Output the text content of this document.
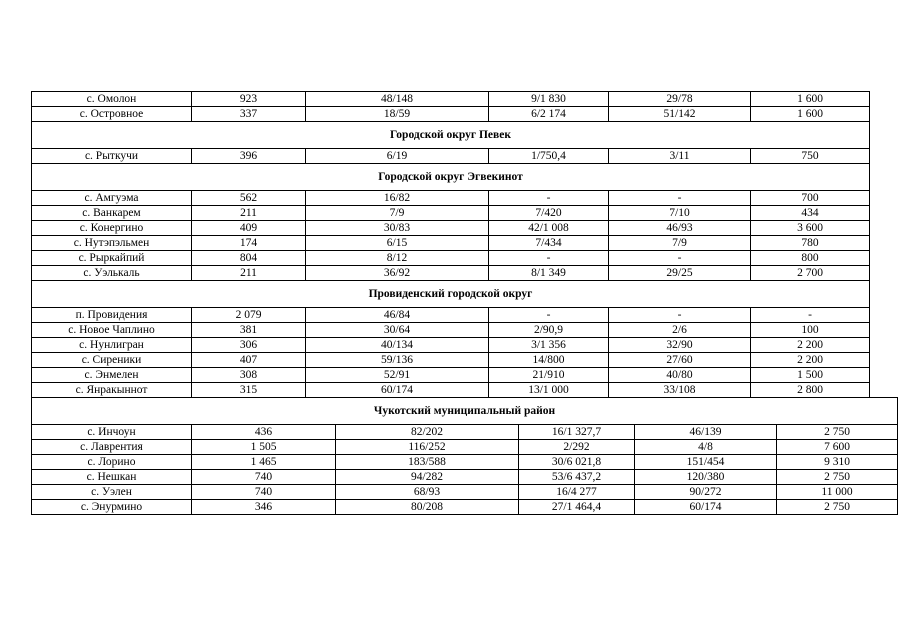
с. Омолон	923	48/148	9/1 830	29/78	1 600
с. Островное	337	18/59	6/2 174	51/142	1 600
Городской округ Певек					
с. Рыткучи	396	6/19	1/750,4	3/11	750
Городской округ Эгвекинот					
с. Амгуэма	562	16/82	-	-	700
с. Ванкарем	211	7/9	7/420	7/10	434
с. Конергино	409	30/83	42/1 008	46/93	3 600
с. Нутэпэльмен	174	6/15	7/434	7/9	780
с. Рыркайпий	804	8/12	-	-	800
с. Уэлькаль	211	36/92	8/1 349	29/25	2 700
Провиденский городской округ					
п. Провидения	2 079	46/84	-	-	-
с. Новое Чаплино	381	30/64	2/90,9	2/6	100
с. Нунлигран	306	40/134	3/1 356	32/90	2 200
с. Сиреники	407	59/136	14/800	27/60	2 200
с. Энмелен	308	52/91	21/910	40/80	1 500
с. Янракыннот	315	60/174	13/1 000	33/108	2 800
Чукотский муниципальный район					
с. Инчоун	436	82/202	16/1 327,7	46/139	2 750
с. Лаврентия	1 505	116/252	2/292	4/8	7 600
с. Лорино	1 465	183/588	30/6 021,8	151/454	9 310
с. Нешкан	740	94/282	53/6 437,2	120/380	2 750
с. Уэлен	740	68/93	16/4 277	90/272	11 000
с. Энурмино	346	80/208	27/1 464,4	60/174	2 750
